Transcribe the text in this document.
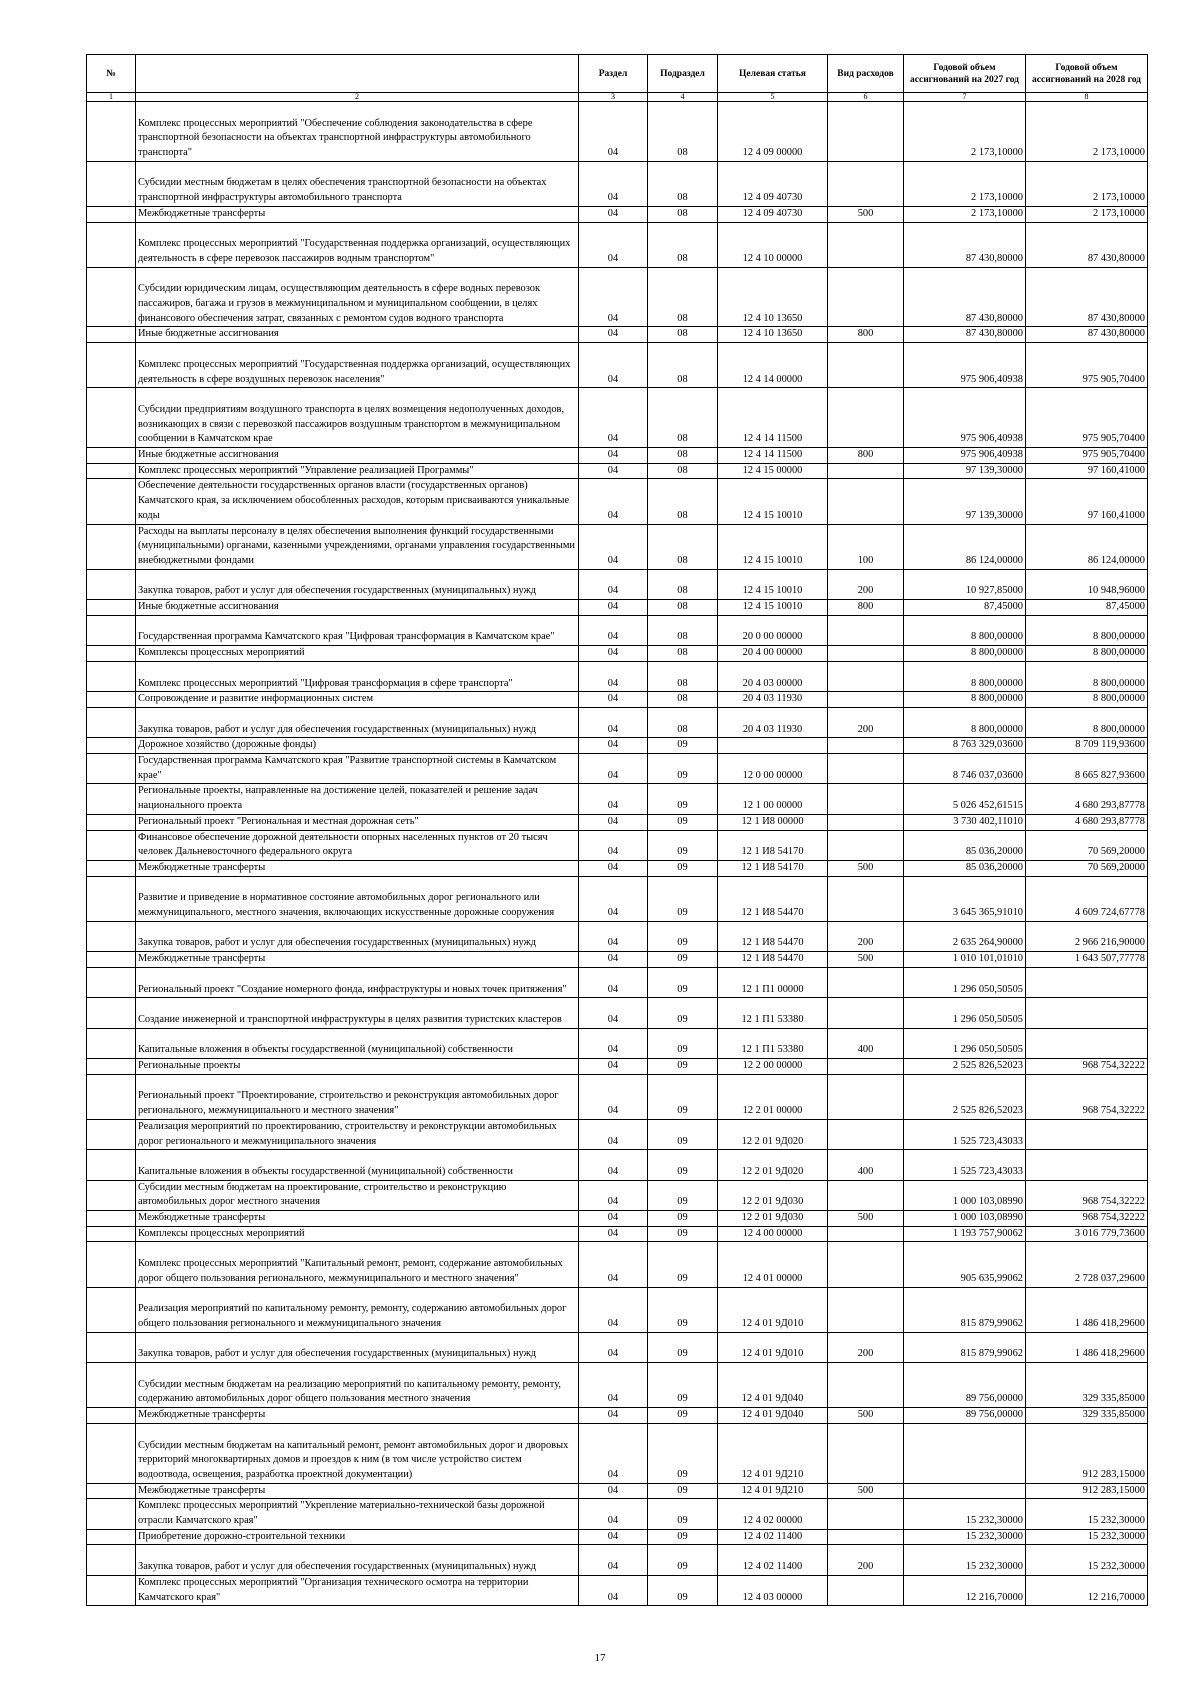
№		Раздел	Подраздел	Целевая статья	Вид расходов	Годовой объем ассигнований на 2027 год	Годовой объем ассигнований на 2028 год
1	2	3	4	5	6	7	8
	Комплекс процессных мероприятий "Обеспечение соблюдения законодательства в сфере транспортной безопасности на объектах транспортной инфраструктуры автомобильного транспорта"	04	08	12 4 09 00000		2 173,10000	2 173,10000
	Субсидии местным бюджетам в целях обеспечения транспортной безопасности на объектах транспортной инфраструктуры автомобильного транспорта	04	08	12 4 09 40730		2 173,10000	2 173,10000
	Межбюджетные трансферты	04	08	12 4 09 40730	500	2 173,10000	2 173,10000
	Комплекс процессных мероприятий "Государственная поддержка организаций, осуществляющих деятельность в сфере перевозок пассажиров водным транспортом"	04	08	12 4 10 00000		87 430,80000	87 430,80000
	Субсидии юридическим лицам, осуществляющим деятельность в сфере водных перевозок пассажиров, багажа и грузов в межмуниципальном и муниципальном сообщении, в целях финансового обеспечения затрат, связанных с ремонтом судов водного транспорта	04	08	12 4 10 13650		87 430,80000	87 430,80000
	Иные бюджетные ассигнования	04	08	12 4 10 13650	800	87 430,80000	87 430,80000
	Комплекс процессных мероприятий "Государственная поддержка организаций, осуществляющих деятельность в сфере воздушных перевозок населения"	04	08	12 4 14 00000		975 906,40938	975 905,70400
	Субсидии предприятиям воздушного транспорта в целях возмещения недополученных доходов, возникающих в связи с перевозкой пассажиров воздушным транспортом в межмуниципальном сообщении в Камчатском крае	04	08	12 4 14 11500		975 906,40938	975 905,70400
	Иные бюджетные ассигнования	04	08	12 4 14 11500	800	975 906,40938	975 905,70400
	Комплекс процессных мероприятий "Управление реализацией Программы"	04	08	12 4 15 00000		97 139,30000	97 160,41000
	Обеспечение деятельности государственных органов власти (государственных органов) Камчатского края, за исключением обособленных расходов, которым присваиваются уникальные коды	04	08	12 4 15 10010		97 139,30000	97 160,41000
	Расходы на выплаты персоналу в целях обеспечения выполнения функций государственными (муниципальными) органами, казенными учреждениями, органами управления государственными внебюджетными фондами	04	08	12 4 15 10010	100	86 124,00000	86 124,00000
	Закупка товаров, работ и услуг для обеспечения государственных (муниципальных) нужд	04	08	12 4 15 10010	200	10 927,85000	10 948,96000
	Иные бюджетные ассигнования	04	08	12 4 15 10010	800	87,45000	87,45000
	Государственная программа Камчатского края "Цифровая трансформация в Камчатском крае"	04	08	20 0 00 00000		8 800,00000	8 800,00000
	Комплексы процессных мероприятий	04	08	20 4 00 00000		8 800,00000	8 800,00000
	Комплекс процессных мероприятий "Цифровая трансформация в сфере транспорта"	04	08	20 4 03 00000		8 800,00000	8 800,00000
	Сопровождение и развитие информационных систем	04	08	20 4 03 11930		8 800,00000	8 800,00000
	Закупка товаров, работ и услуг для обеспечения государственных (муниципальных) нужд	04	08	20 4 03 11930	200	8 800,00000	8 800,00000
	Дорожное хозяйство (дорожные фонды)	04	09			8 763 329,03600	8 709 119,93600
	Государственная программа Камчатского края "Развитие транспортной системы в Камчатском крае"	04	09	12 0 00 00000		8 746 037,03600	8 665 827,93600
	Региональные проекты, направленные на достижение целей, показателей и решение задач национального проекта	04	09	12 1 00 00000		5 026 452,61515	4 680 293,87778
	Региональный проект "Региональная и местная дорожная сеть"	04	09	12 1 И8 00000		3 730 402,11010	4 680 293,87778
	Финансовое обеспечение дорожной деятельности опорных населенных пунктов от 20 тысяч человек Дальневосточного федерального округа	04	09	12 1 И8 54170		85 036,20000	70 569,20000
	Межбюджетные трансферты	04	09	12 1 И8 54170	500	85 036,20000	70 569,20000
	Развитие и приведение в нормативное состояние автомобильных дорог регионального или межмуниципального, местного значения, включающих искусственные дорожные сооружения	04	09	12 1 И8 54470		3 645 365,91010	4 609 724,67778
	Закупка товаров, работ и услуг для обеспечения государственных (муниципальных) нужд	04	09	12 1 И8 54470	200	2 635 264,90000	2 966 216,90000
	Межбюджетные трансферты	04	09	12 1 И8 54470	500	1 010 101,01010	1 643 507,77778
	Региональный проект "Создание номерного фонда, инфраструктуры и новых точек притяжения"	04	09	12 1 П1 00000		1 296 050,50505	
	Создание инженерной и транспортной инфраструктуры в целях развития туристских кластеров	04	09	12 1 П1 53380		1 296 050,50505	
	Капитальные вложения в объекты государственной (муниципальной) собственности	04	09	12 1 П1 53380	400	1 296 050,50505	
	Региональные проекты	04	09	12 2 00 00000		2 525 826,52023	968 754,32222
	Региональный проект "Проектирование, строительство и реконструкция автомобильных дорог регионального, межмуниципального и местного значения"	04	09	12 2 01 00000		2 525 826,52023	968 754,32222
	Реализация мероприятий по проектированию, строительству и реконструкции автомобильных дорог регионального и межмуниципального значения	04	09	12 2 01 9Д020		1 525 723,43033	
	Капитальные вложения в объекты государственной (муниципальной) собственности	04	09	12 2 01 9Д020	400	1 525 723,43033	
	Субсидии местным бюджетам на проектирование, строительство и реконструкцию автомобильных дорог местного значения	04	09	12 2 01 9Д030		1 000 103,08990	968 754,32222
	Межбюджетные трансферты	04	09	12 2 01 9Д030	500	1 000 103,08990	968 754,32222
	Комплексы процессных мероприятий	04	09	12 4 00 00000		1 193 757,90062	3 016 779,73600
	Комплекс процессных мероприятий "Капитальный ремонт, ремонт, содержание автомобильных дорог общего пользования регионального, межмуниципального и местного значения"	04	09	12 4 01 00000		905 635,99062	2 728 037,29600
	Реализация мероприятий по капитальному ремонту, ремонту, содержанию автомобильных дорог общего пользования регионального и межмуниципального значения	04	09	12 4 01 9Д010		815 879,99062	1 486 418,29600
	Закупка товаров, работ и услуг для обеспечения государственных (муниципальных) нужд	04	09	12 4 01 9Д010	200	815 879,99062	1 486 418,29600
	Субсидии местным бюджетам на реализацию мероприятий по капитальному ремонту, ремонту, содержанию автомобильных дорог общего пользования местного значения	04	09	12 4 01 9Д040		89 756,00000	329 335,85000
	Межбюджетные трансферты	04	09	12 4 01 9Д040	500	89 756,00000	329 335,85000
	Субсидии местным бюджетам на капитальный ремонт, ремонт автомобильных дорог и дворовых территорий многоквартирных домов и проездов к ним (в том числе устройство систем водоотвода, освещения, разработка проектной документации)	04	09	12 4 01 9Д210			912 283,15000
	Межбюджетные трансферты	04	09	12 4 01 9Д210	500		912 283,15000
	Комплекс процессных мероприятий "Укрепление материально-технической базы дорожной отрасли Камчатского края"	04	09	12 4 02 00000		15 232,30000	15 232,30000
	Приобретение дорожно-строительной техники	04	09	12 4 02 11400		15 232,30000	15 232,30000
	Закупка товаров, работ и услуг для обеспечения государственных (муниципальных) нужд	04	09	12 4 02 11400	200	15 232,30000	15 232,30000
	Комплекс процессных мероприятий "Организация технического осмотра на территории Камчатского края"	04	09	12 4 03 00000		12 216,70000	12 216,70000
17
